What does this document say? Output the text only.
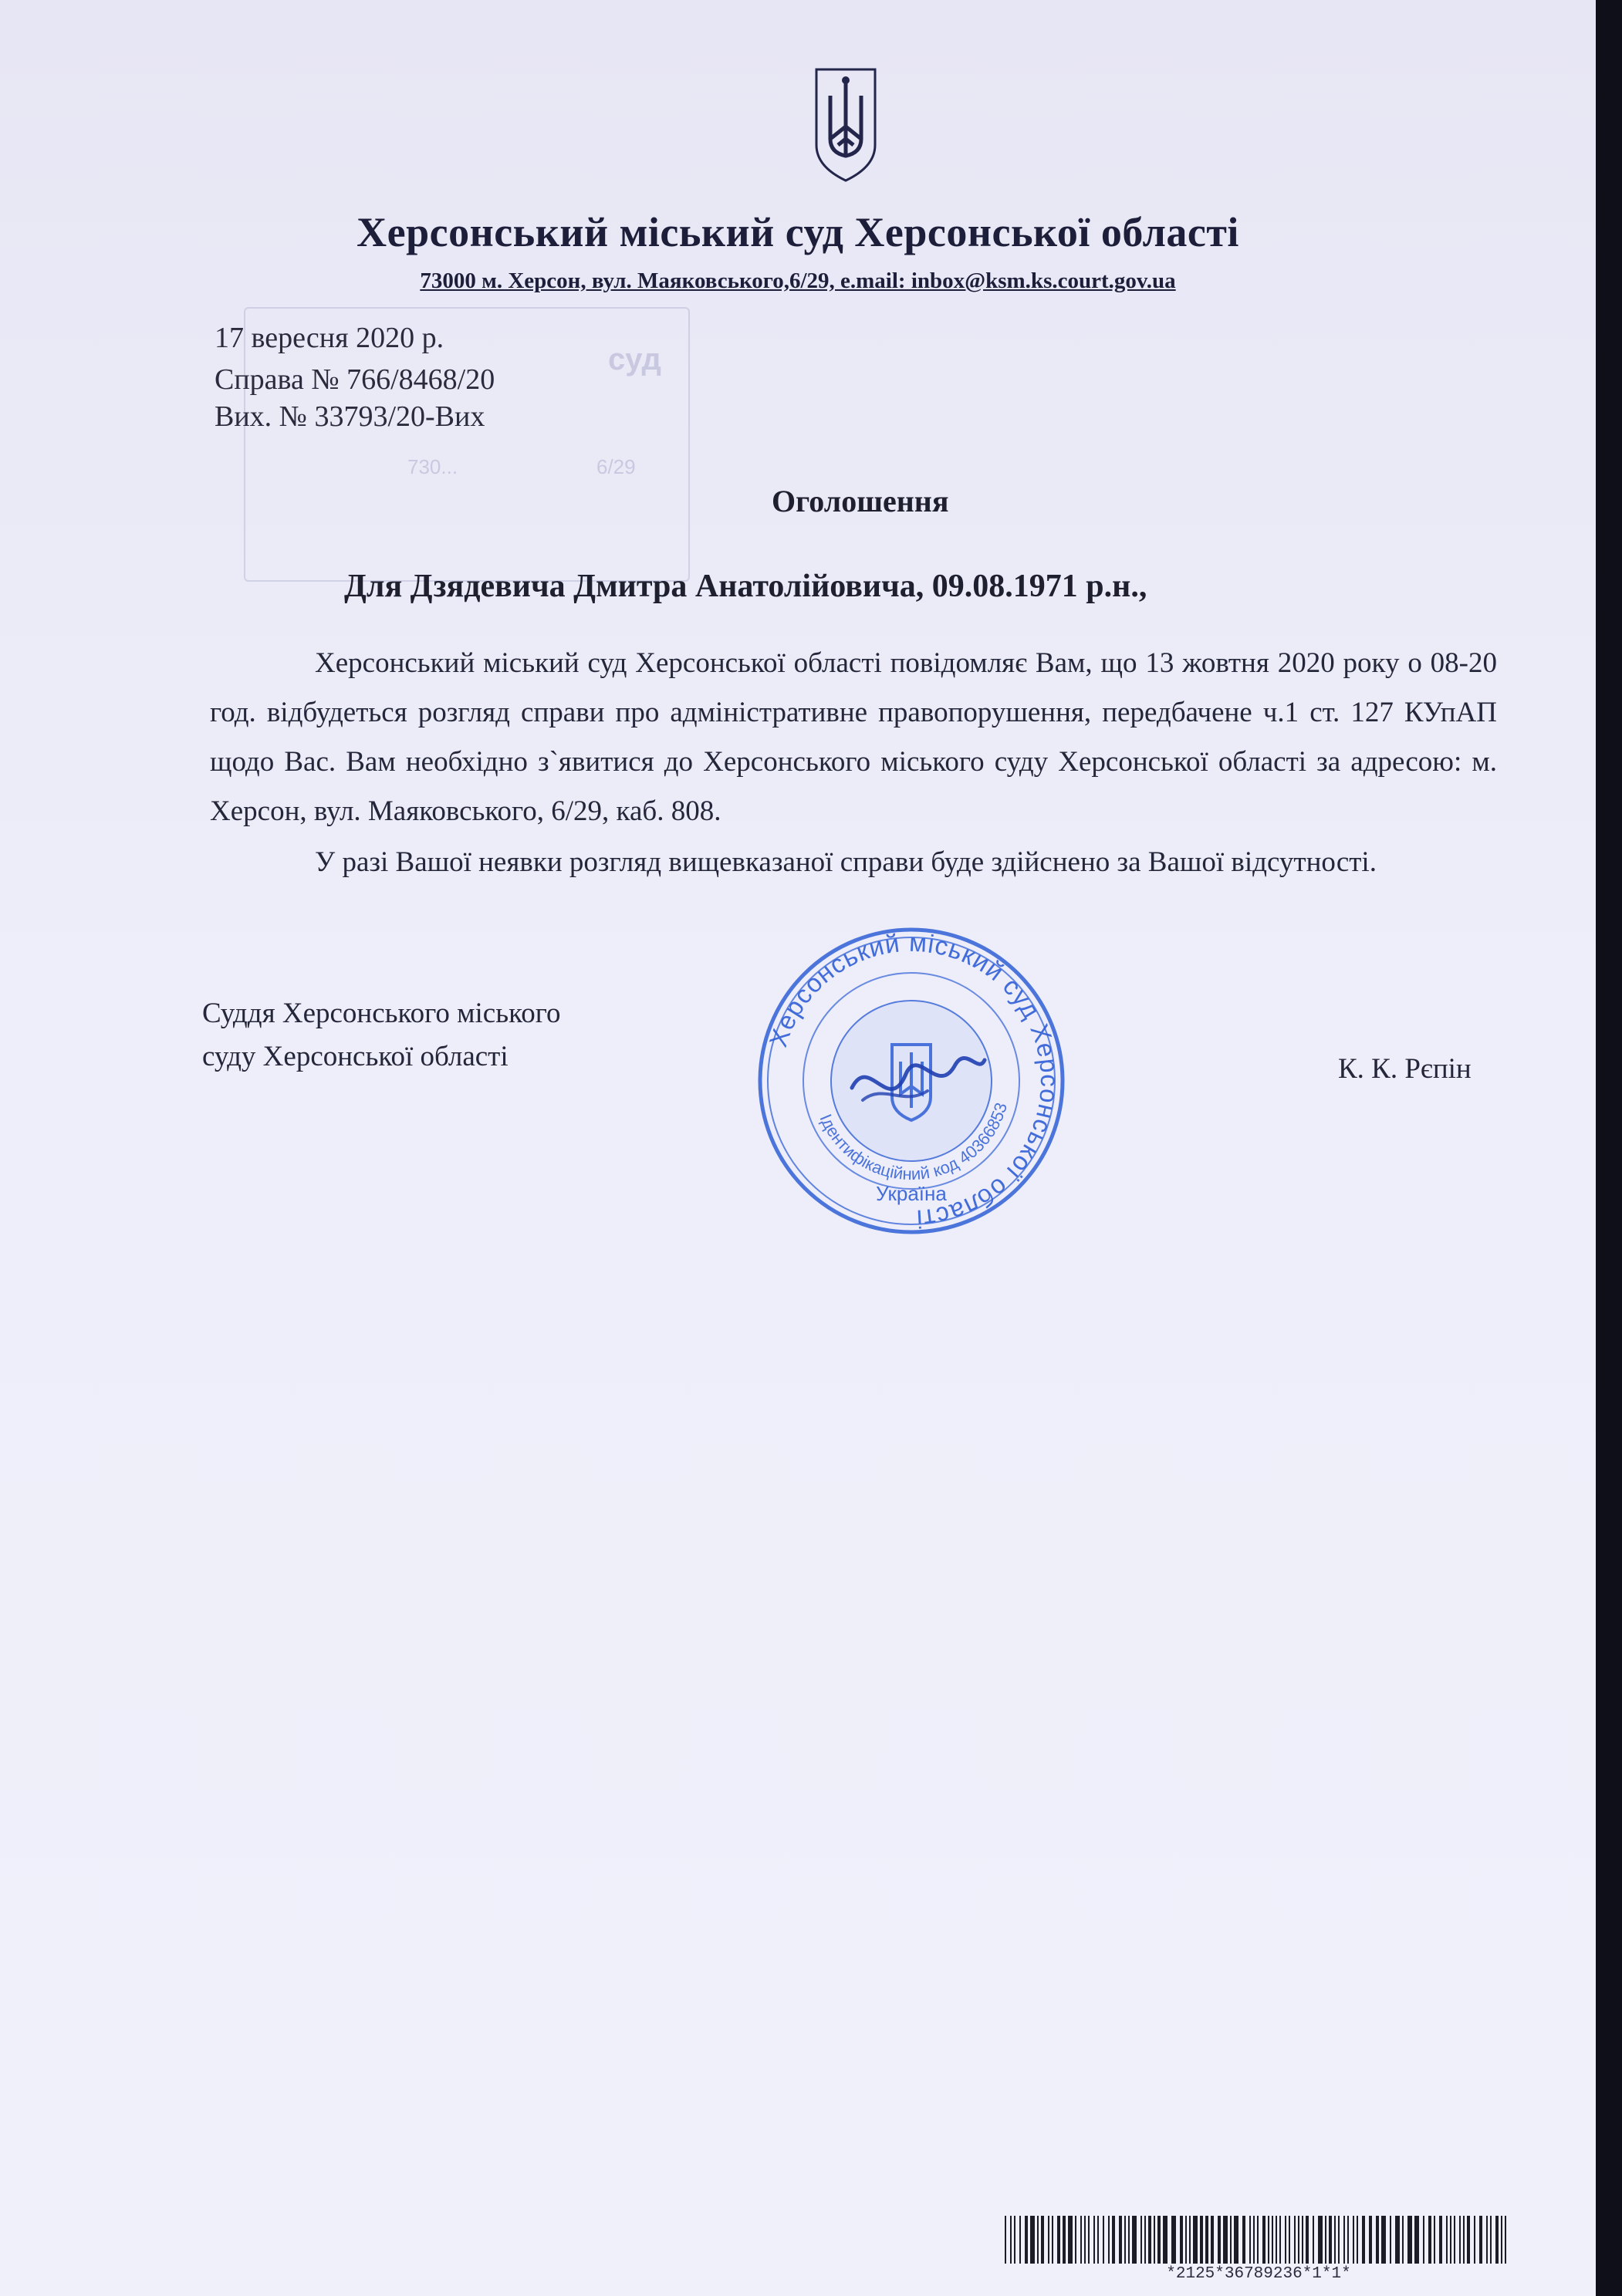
Херсонський міський суд Херсонської області
73000 м. Херсон, вул. Маяковського,6/29, e.mail: inbox@ksm.ks.court.gov.ua
суд
730...	6/29
17 вересня 2020 р.
Справа № 766/8468/20
Вих. № 33793/20-Вих
Оголошення
Для Дзядевича Дмитра Анатолійовича, 09.08.1971 р.н.,
Херсонський міський суд Херсонської області повідомляє Вам, що 13 жовтня 2020 року о 08-20 год. відбудеться розгляд справи про адміністративне правопорушення, передбачене ч.1 ст. 127 КУпАП щодо Вас. Вам необхідно з`явитися до Херсонського міського суду Херсонської області за адресою: м. Херсон, вул. Маяковського, 6/29, каб. 808.
У разі Вашої неявки розгляд вищевказаної справи буде здійснено за Вашої відсутності.
Суддя Херсонського міського
суду Херсонської області	К. К. Рєпін
Херсонський міський суд Херсонської області
Ідентифікаційний код 40366853
Україна
*2125*36789236*1*1*
